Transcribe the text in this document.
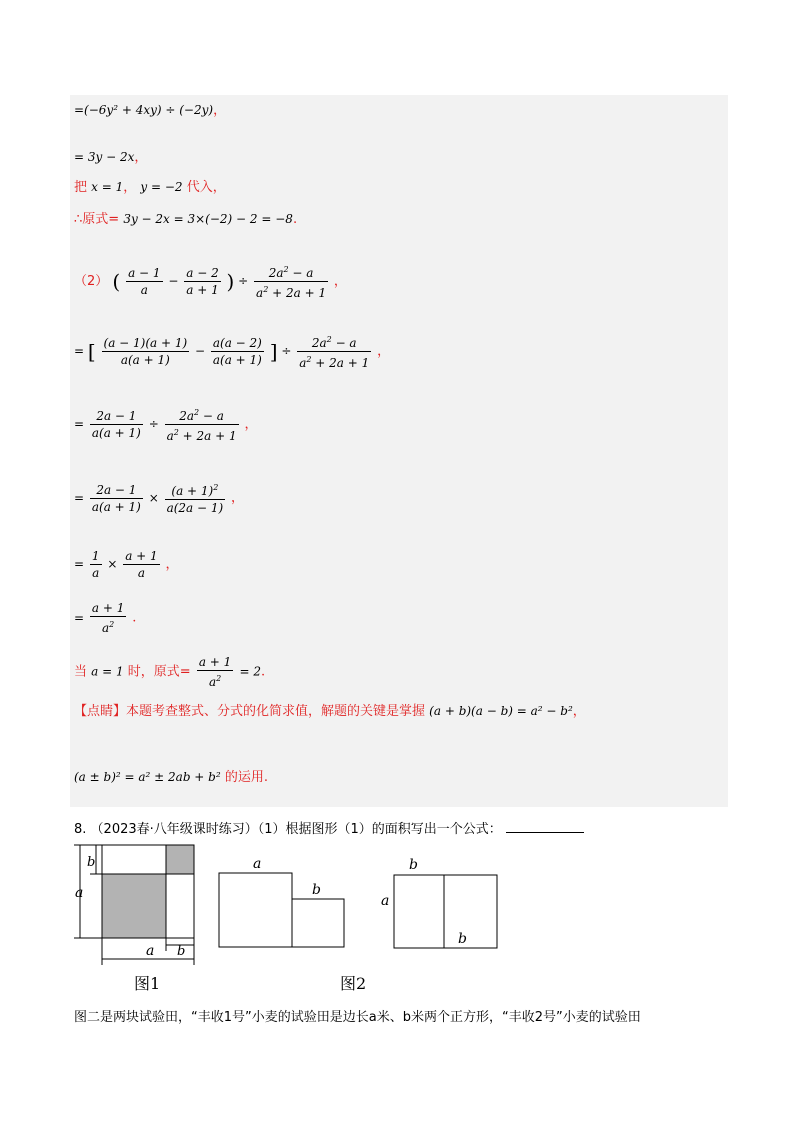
=(−6y² + 4xy) ÷ (−2y)，
= 3y − 2x，
把 x = 1， y = −2 代入，
∴原式= 3y − 2x = 3×(−2) − 2 = −8.
（2） ( $\frac{a - 1}{a} - \frac{a - 2}{a + 1}$ ) ÷ $\frac{2a^2 - a}{a^2 + 2a + 1}$ ，
= [ $\frac{(a - 1)(a + 1)}{a(a + 1)} - \frac{a(a - 2)}{a(a + 1)}$ ] ÷ $\frac{2a^2 - a}{a^2 + 2a + 1}$ ，
= $\frac{2a - 1}{a(a + 1)} \div \frac{2a^2 - a}{a^2 + 2a + 1}$ ，
= $\frac{2a - 1}{a(a + 1)} \times \frac{(a + 1)^2}{a(2a - 1)}$ ，
= $\frac{1}{a} \times \frac{a + 1}{a}$ ，
= $\frac{a + 1}{a^2}$ .
当 a = 1 时，原式= $\frac{a + 1}{a^2} = 2$.
【点睛】本题考查整式、分式的化简求值，解题的关键是掌握 (a + b)(a − b) = a² − b²，
(a ± b)² = a² ± 2ab + b² 的运用.
8. （2023春·八年级课时练习）（1）根据图形（1）的面积写出一个公式：
a
b
a b
图1
a
b
b
a
b
图2
图二是两块试验田，“丰收1号”小麦的试验田是边长a米、b米两个正方形，“丰收2号”小麦的试验田
